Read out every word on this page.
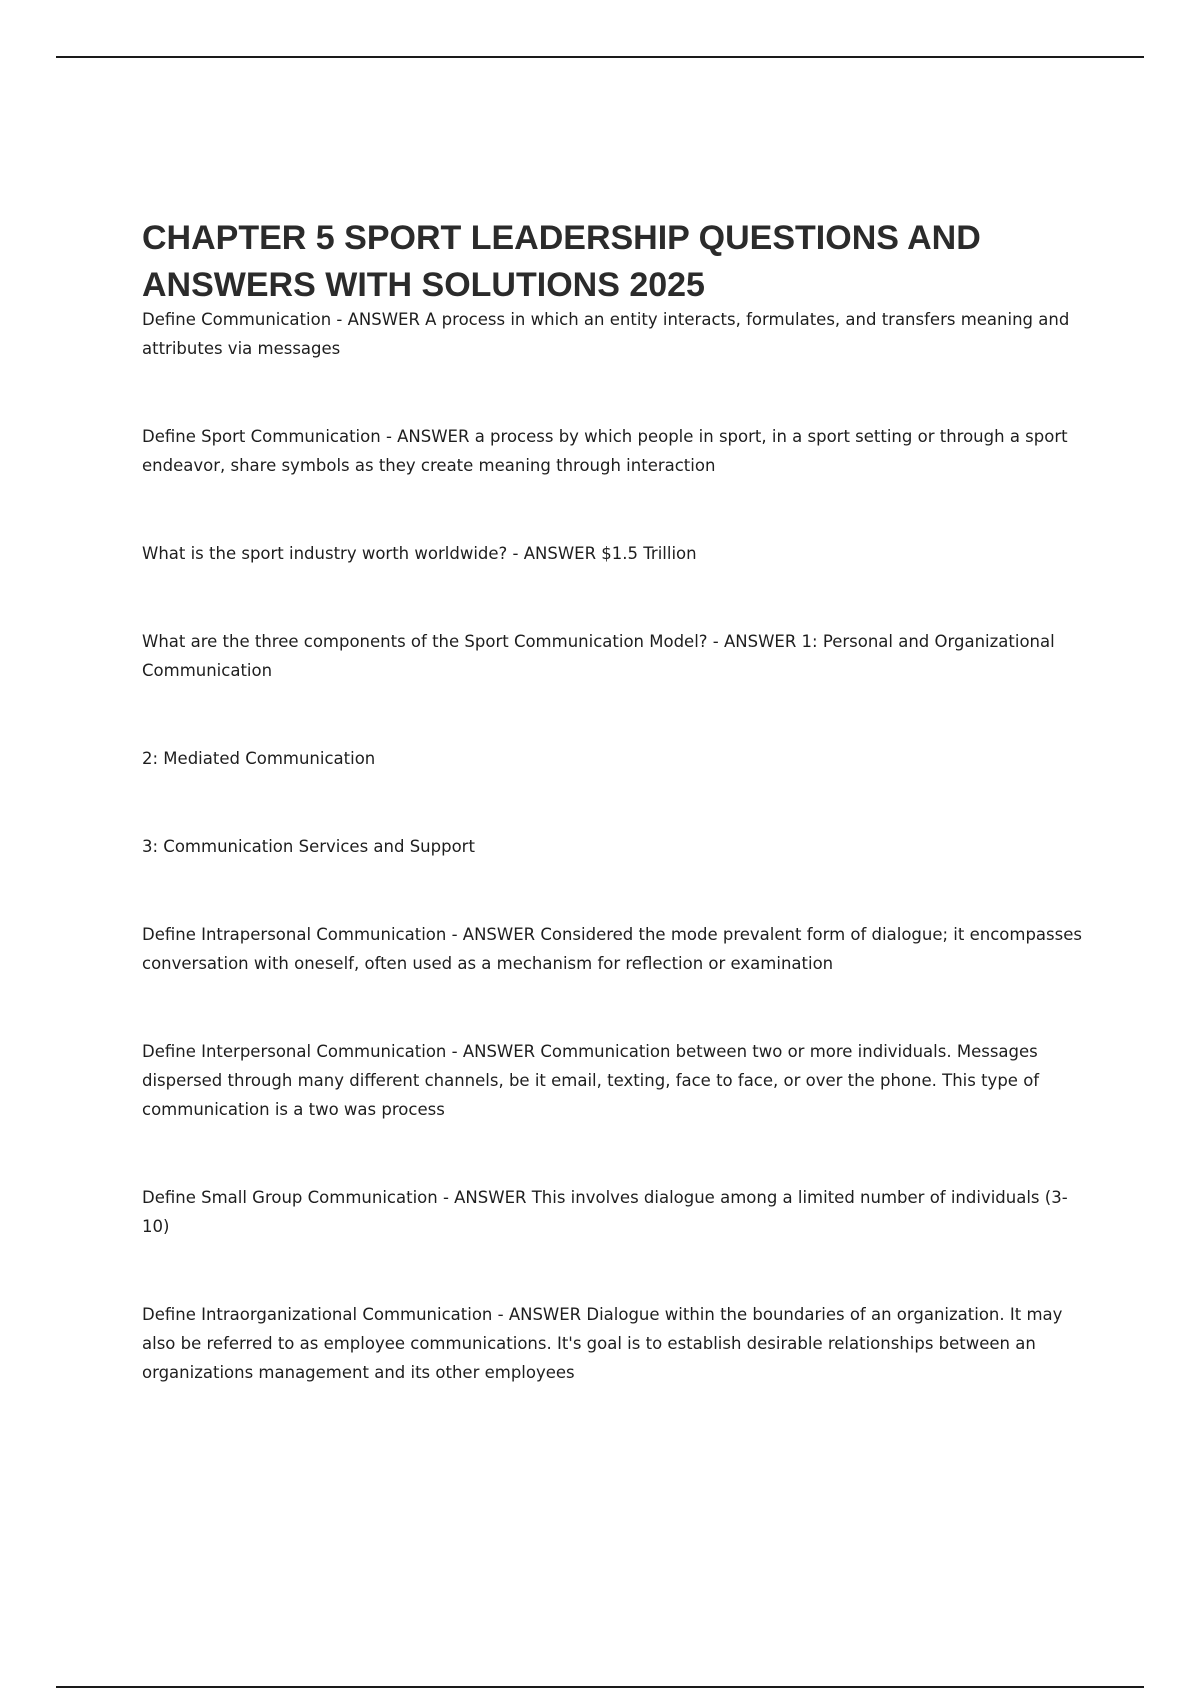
CHAPTER 5 SPORT LEADERSHIP QUESTIONS AND ANSWERS WITH SOLUTIONS 2025

Define Communication - ANSWER A process in which an entity interacts, formulates, and transfers meaning and attributes via messages

Define Sport Communication - ANSWER a process by which people in sport, in a sport setting or through a sport endeavor, share symbols as they create meaning through interaction

What is the sport industry worth worldwide? - ANSWER $1.5 Trillion

What are the three components of the Sport Communication Model? - ANSWER 1: Personal and Organizational Communication

2: Mediated Communication

3: Communication Services and Support

Define Intrapersonal Communication - ANSWER Considered the mode prevalent form of dialogue; it encompasses conversation with oneself, often used as a mechanism for reflection or examination

Define Interpersonal Communication - ANSWER Communication between two or more individuals. Messages dispersed through many different channels, be it email, texting, face to face, or over the phone. This type of communication is a two was process

Define Small Group Communication - ANSWER This involves dialogue among a limited number of individuals (3-10)

Define Intraorganizational Communication - ANSWER Dialogue within the boundaries of an organization. It may also be referred to as employee communications. It's goal is to establish desirable relationships between an organizations management and its other employees
